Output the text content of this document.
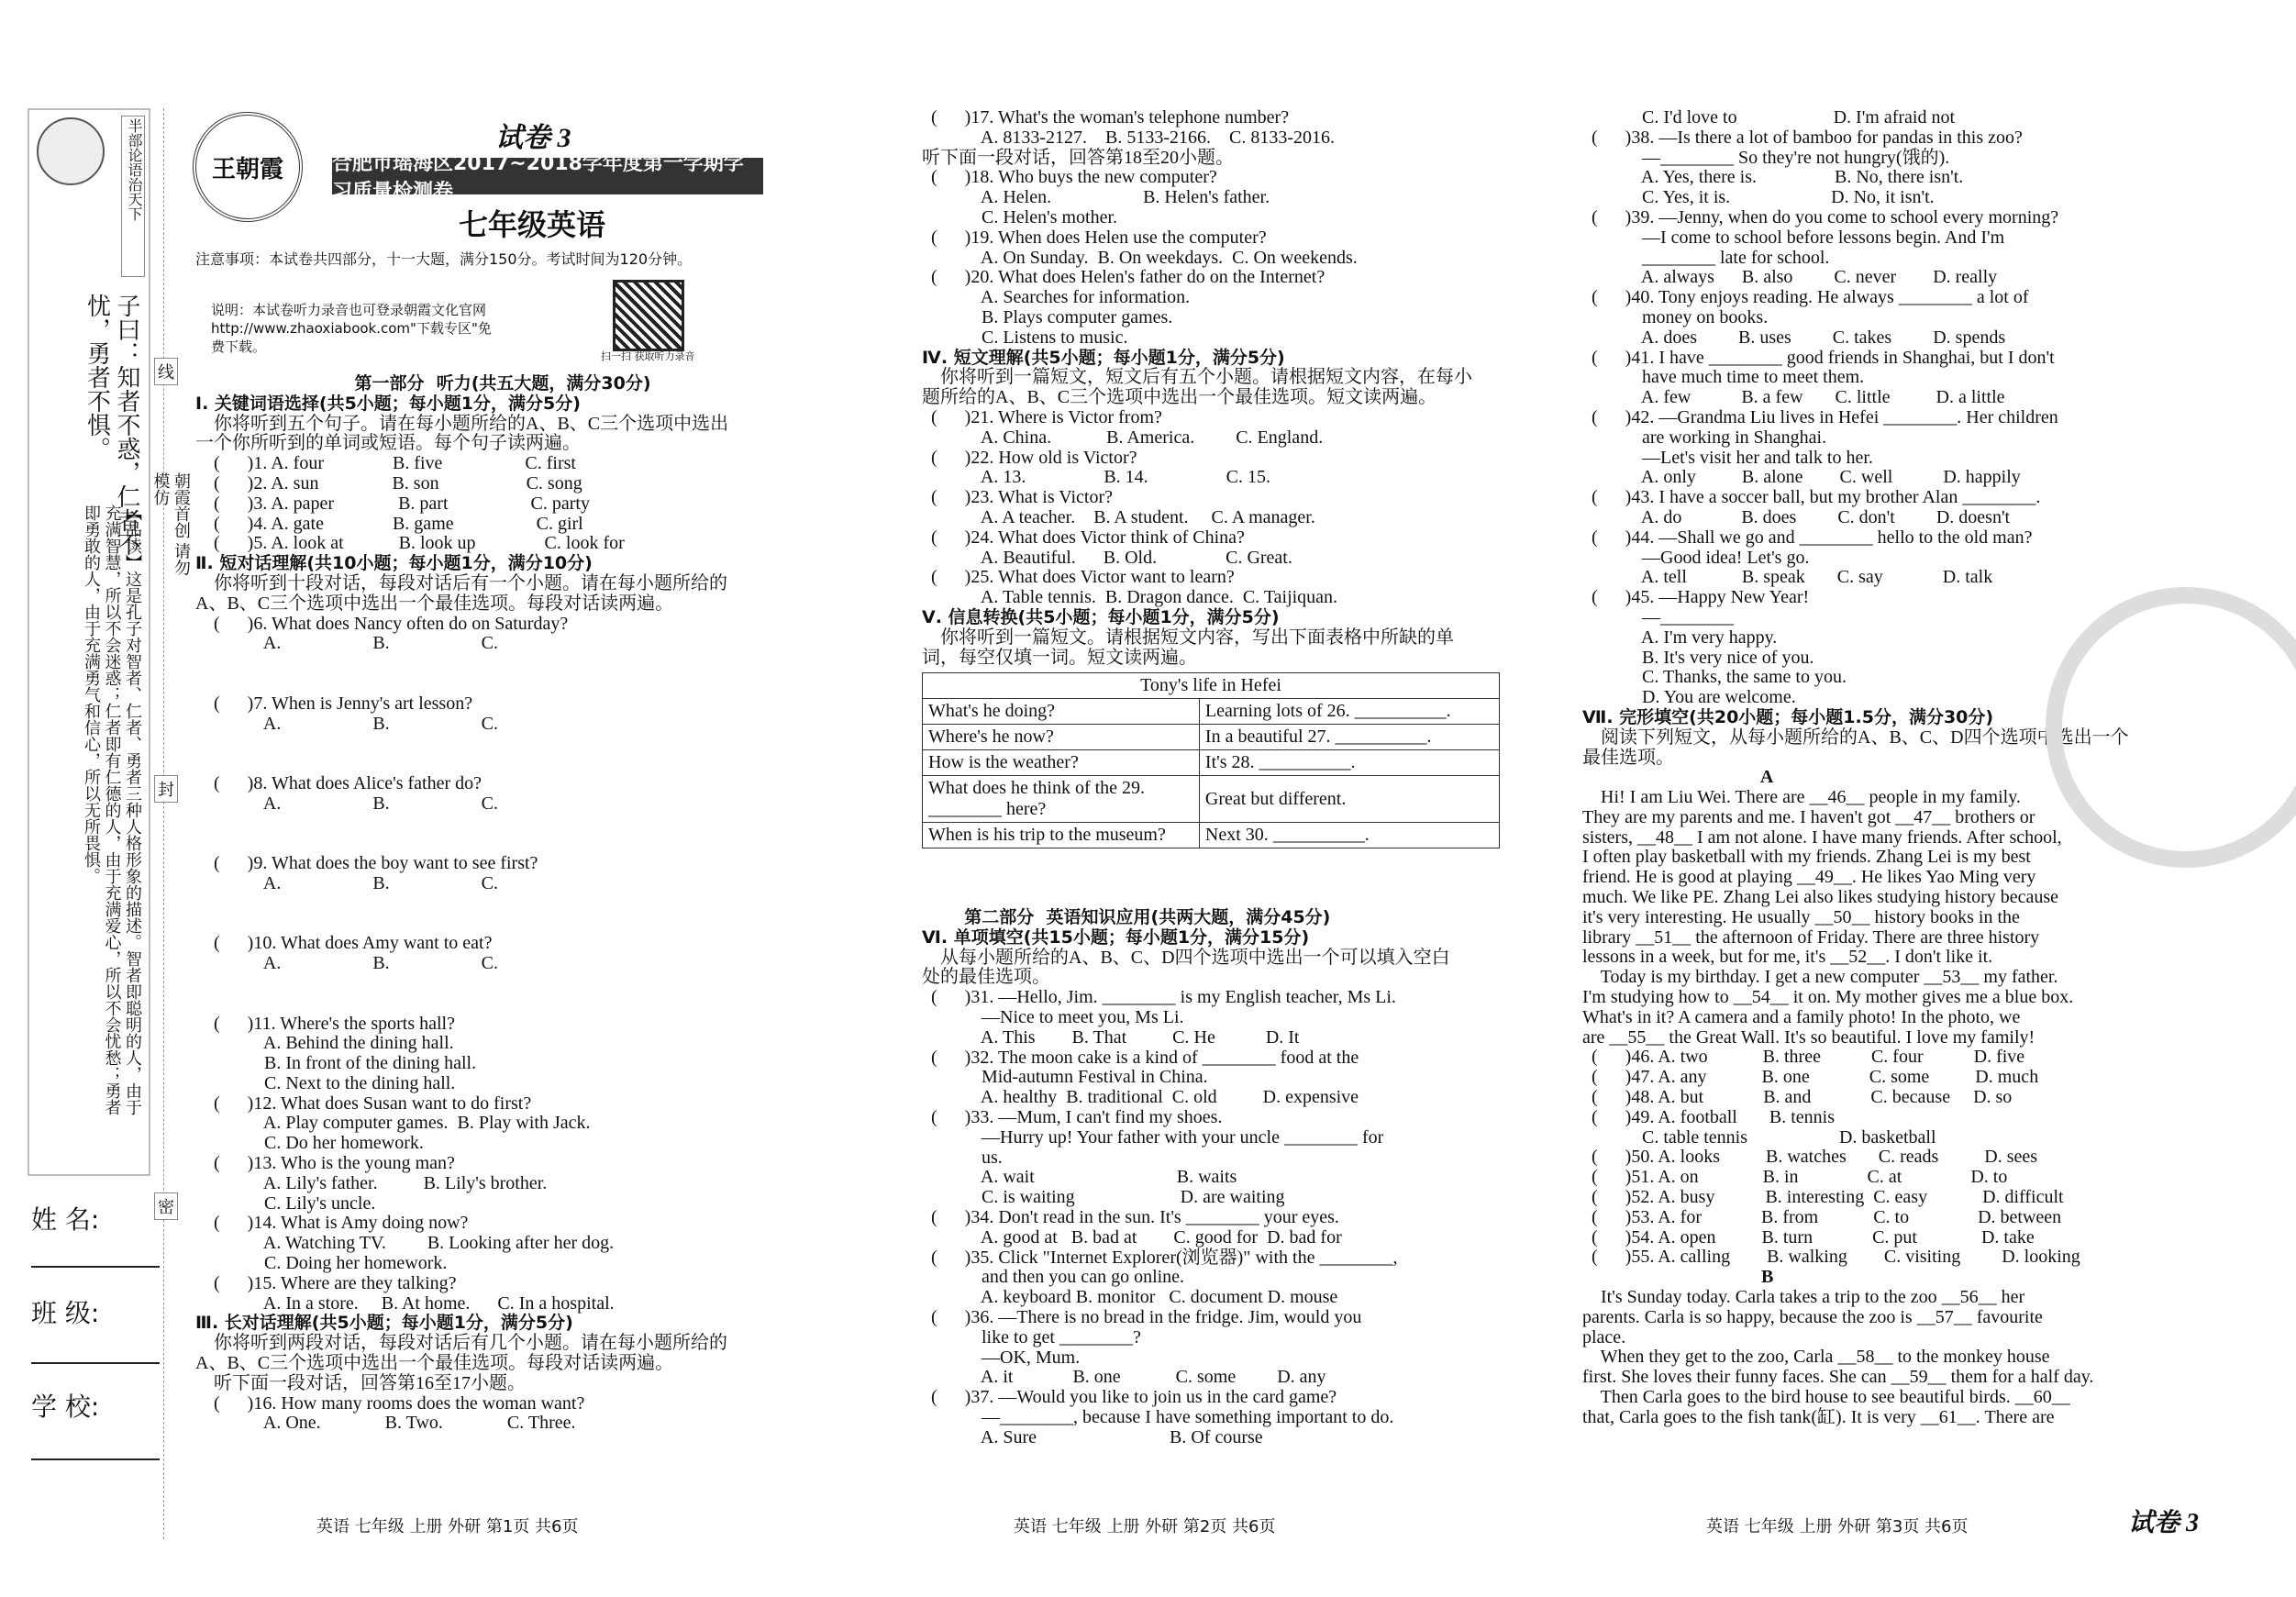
半部论语治天下
子曰：知者不惑，仁者不忧，勇者不惧。
【品读】这是孔子对智者、仁者、勇者三种人格形象的描述。智者即聪明的人，由于充满智慧，所以不会迷惑；仁者即有仁德的人，由于充满爱心，所以不会忧愁；勇者即勇敢的人，由于充满勇气和信心，所以无所畏惧。	朝霞首创 请勿模仿
线
封
密
姓 名:
班 级:
学 校:
王朝霞
试卷 3
合肥市瑶海区2017~2018学年度第一学期学习质量检测卷
七年级英语
注意事项：本试卷共四部分，十一大题，满分150分。考试时间为120分钟。
说明：本试卷听力录音也可登录朝霞文化官网
http://www.zhaoxiabook.com"下载专区"免
费下载。
扫一扫 获取听力录音
第一部分  听力(共五大题，满分30分)
Ⅰ. 关键词语选择(共5小题；每小题1分，满分5分)
你将听到五个句子。请在每小题所给的A、B、C三个选项中选出
一个你所听到的单词或短语。每个句子读两遍。
(      )1. A. four               B. five                  C. first
(      )2. A. sun                B. son                   C. song
(      )3. A. paper              B. part                  C. party
(      )4. A. gate               B. game                  C. girl
(      )5. A. look at            B. look up               C. look for
Ⅱ. 短对话理解(共10小题；每小题1分，满分10分)
你将听到十段对话，每段对话后有一个小题。请在每小题所给的
A、B、C三个选项中选出一个最佳选项。每段对话读两遍。
(      )6. What does Nancy often do on Saturday?
A.                    B.                    C.
(      )7. When is Jenny's art lesson?
A.                    B.                    C.
(      )8. What does Alice's father do?
A.                    B.                    C.
(      )9. What does the boy want to see first?
A.                    B.                    C.
(      )10. What does Amy want to eat?
A.                    B.                    C.
(      )11. Where's the sports hall?
A. Behind the dining hall.
B. In front of the dining hall.
C. Next to the dining hall.
(      )12. What does Susan want to do first?
A. Play computer games.  B. Play with Jack.
C. Do her homework.
(      )13. Who is the young man?
A. Lily's father.          B. Lily's brother.
C. Lily's uncle.
(      )14. What is Amy doing now?
A. Watching TV.         B. Looking after her dog.
C. Doing her homework.
(      )15. Where are they talking?
A. In a store.     B. At home.      C. In a hospital.
Ⅲ. 长对话理解(共5小题；每小题1分，满分5分)
你将听到两段对话，每段对话后有几个小题。请在每小题所给的
A、B、C三个选项中选出一个最佳选项。每段对话读两遍。
听下面一段对话，回答第16至17小题。
(      )16. How many rooms does the woman want?
A. One.              B. Two.              C. Three.
(      )17. What's the woman's telephone number?
A. 8133-2127.    B. 5133-2166.    C. 8133-2016.
听下面一段对话，回答第18至20小题。
(      )18. Who buys the new computer?
A. Helen.                    B. Helen's father.
C. Helen's mother.
(      )19. When does Helen use the computer?
A. On Sunday.  B. On weekdays.  C. On weekends.
(      )20. What does Helen's father do on the Internet?
A. Searches for information.
B. Plays computer games.
C. Listens to music.
Ⅳ. 短文理解(共5小题；每小题1分，满分5分)
你将听到一篇短文，短文后有五个小题。请根据短文内容，在每小
题所给的A、B、C三个选项中选出一个最佳选项。短文读两遍。
(      )21. Where is Victor from?
A. China.            B. America.         C. England.
(      )22. How old is Victor?
A. 13.                 B. 14.                 C. 15.
(      )23. What is Victor?
A. A teacher.    B. A student.     C. A manager.
(      )24. What does Victor think of China?
A. Beautiful.      B. Old.               C. Great.
(      )25. What does Victor want to learn?
A. Table tennis.  B. Dragon dance.  C. Taijiquan.
Ⅴ. 信息转换(共5小题；每小题1分，满分5分)
你将听到一篇短文。请根据短文内容，写出下面表格中所缺的单
词，每空仅填一词。短文读两遍。
Tony's life in Hefei	
What's he doing?	Learning lots of 26. __________.
Where's he now?	In a beautiful 27. __________.
How is the weather?	It's 28. __________.
What does he think of the 29. ________ here?	Great but different.
When is his trip to the museum?	Next 30. __________.
第二部分  英语知识应用(共两大题，满分45分)
Ⅵ. 单项填空(共15小题；每小题1分，满分15分)
从每小题所给的A、B、C、D四个选项中选出一个可以填入空白
处的最佳选项。
(      )31. —Hello, Jim. ________ is my English teacher, Ms Li.
—Nice to meet you, Ms Li.
A. This        B. That          C. He           D. It
(      )32. The moon cake is a kind of ________ food at the
Mid-autumn Festival in China.
A. healthy  B. traditional  C. old          D. expensive
(      )33. —Mum, I can't find my shoes.
—Hurry up! Your father with your uncle ________ for
us.
A. wait                               B. waits
C. is waiting                       D. are waiting
(      )34. Don't read in the sun. It's ________ your eyes.
A. good at   B. bad at        C. good for  D. bad for
(      )35. Click "Internet Explorer(浏览器)" with the ________,
and then you can go online.
A. keyboard B. monitor   C. document D. mouse
(      )36. —There is no bread in the fridge. Jim, would you
like to get ________?
—OK, Mum.
A. it             B. one            C. some         D. any
(      )37. —Would you like to join us in the card game?
—________, because I have something important to do.
A. Sure                             B. Of course
C. I'd love to                     D. I'm afraid not
(      )38. —Is there a lot of bamboo for pandas in this zoo?
—________ So they're not hungry(饿的).
A. Yes, there is.                 B. No, there isn't.
C. Yes, it is.                      D. No, it isn't.
(      )39. —Jenny, when do you come to school every morning?
—I come to school before lessons begin. And I'm
________ late for school.
A. always      B. also         C. never        D. really
(      )40. Tony enjoys reading. He always ________ a lot of
money on books.
A. does         B. uses         C. takes         D. spends
(      )41. I have ________ good friends in Shanghai, but I don't
have much time to meet them.
A. few           B. a few       C. little          D. a little
(      )42. —Grandma Liu lives in Hefei ________. Her children
are working in Shanghai.
—Let's visit her and talk to her.
A. only          B. alone        C. well           D. happily
(      )43. I have a soccer ball, but my brother Alan ________.
A. do             B. does         C. don't         D. doesn't
(      )44. —Shall we go and ________ hello to the old man?
—Good idea! Let's go.
A. tell            B. speak       C. say             D. talk
(      )45. —Happy New Year!
—________
A. I'm very happy.
B. It's very nice of you.
C. Thanks, the same to you.
D. You are welcome.
Ⅶ. 完形填空(共20小题；每小题1.5分，满分30分)
阅读下列短文，从每小题所给的A、B、C、D四个选项中选出一个
最佳选项。
A
Hi! I am Liu Wei. There are __46__ people in my family.
They are my parents and me. I haven't got __47__ brothers or
sisters, __48__ I am not alone. I have many friends. After school,
I often play basketball with my friends. Zhang Lei is my best
friend. He is good at playing __49__. He likes Yao Ming very
much. We like PE. Zhang Lei also likes studying history because
it's very interesting. He usually __50__ history books in the
library __51__ the afternoon of Friday. There are three history
lessons in a week, but for me, it's __52__. I don't like it.
Today is my birthday. I get a new computer __53__ my father.
I'm studying how to __54__ it on. My mother gives me a blue box.
What's in it? A camera and a family photo! In the photo, we
are __55__ the Great Wall. It's so beautiful. I love my family!
(      )46. A. two            B. three           C. four           D. five
(      )47. A. any            B. one             C. some          D. much
(      )48. A. but             B. and             C. because     D. so
(      )49. A. football       B. tennis
C. table tennis                    D. basketball
(      )50. A. looks          B. watches       C. reads          D. sees
(      )51. A. on              B. in               C. at               D. to
(      )52. A. busy           B. interesting  C. easy            D. difficult
(      )53. A. for             B. from            C. to               D. between
(      )54. A. open          B. turn             C. put              D. take
(      )55. A. calling        B. walking        C. visiting         D. looking
B
It's Sunday today. Carla takes a trip to the zoo __56__ her
parents. Carla is so happy, because the zoo is __57__ favourite
place.
When they get to the zoo, Carla __58__ to the monkey house
first. She loves their funny faces. She can __59__ them for a half day.
Then Carla goes to the bird house to see beautiful birds. __60__
that, Carla goes to the fish tank(缸). It is very __61__. There are
英语 七年级 上册 外研 第1页 共6页	英语 七年级 上册 外研 第2页 共6页	英语 七年级 上册 外研 第3页 共6页	试卷 3
